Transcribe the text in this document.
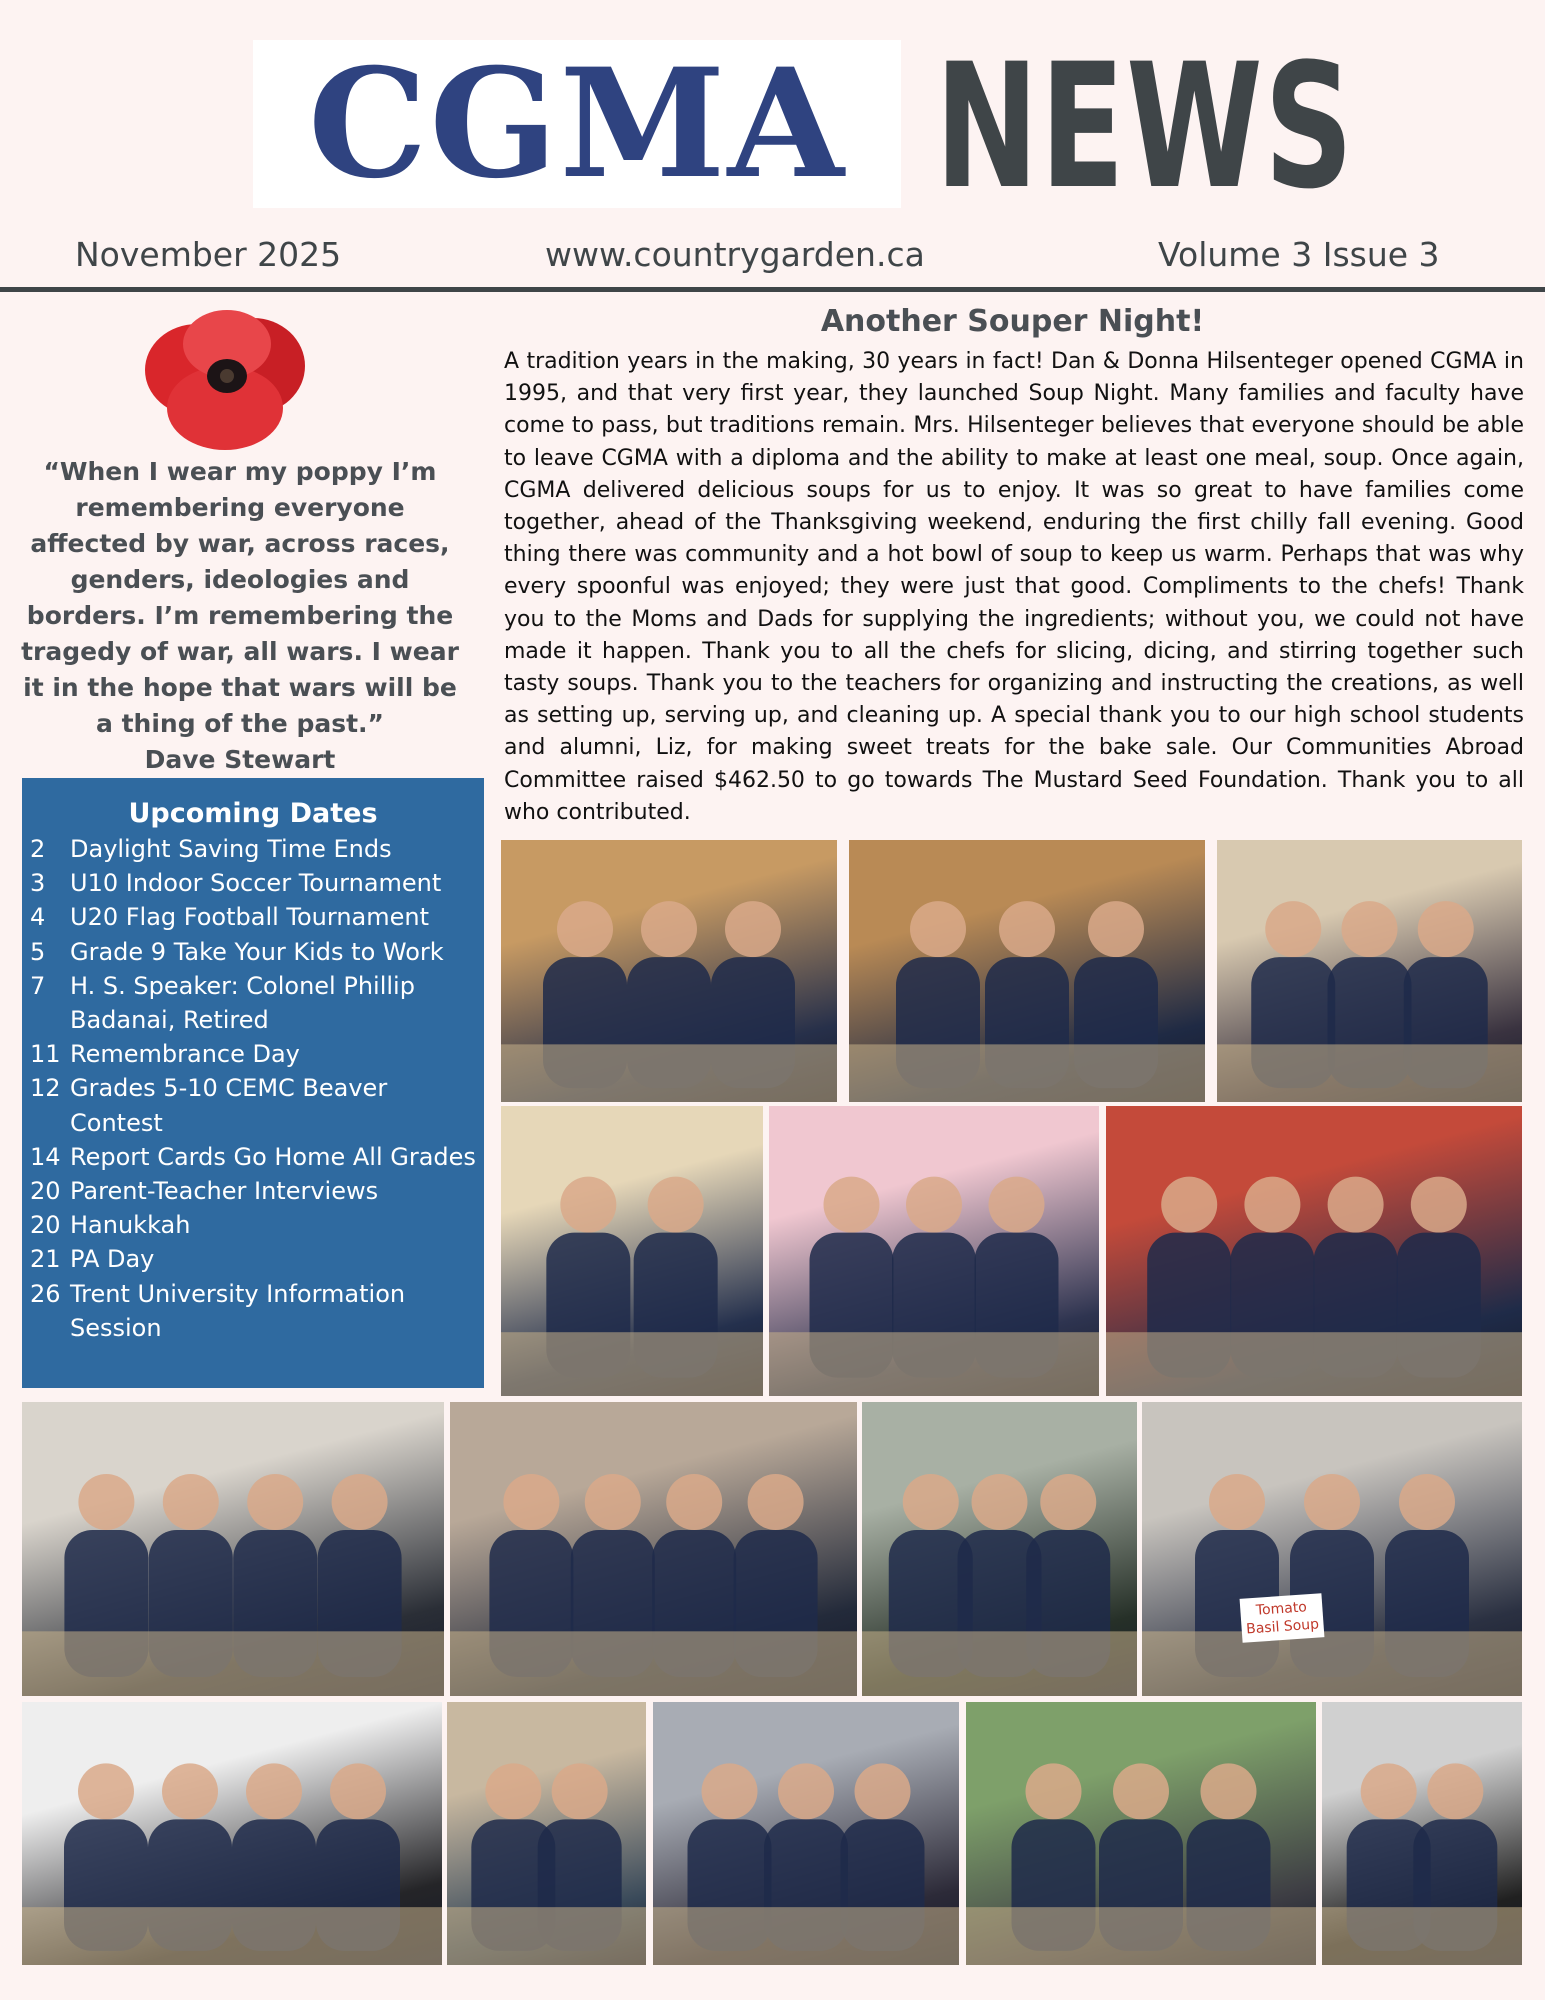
CGMA NEWS
November 2025	www.countrygarden.ca	Volume 3 Issue 3
“When I wear my poppy I’m remembering everyone affected by war, across races, genders, ideologies and borders. I’m remembering the tragedy of war, all wars. I wear it in the hope that wars will be a thing of the past.”
Dave Stewart
Upcoming Dates
2	Daylight Saving Time Ends
3	U10 Indoor Soccer Tournament
4	U20 Flag Football Tournament
5	Grade 9 Take Your Kids to Work
7	H. S. Speaker: Colonel Phillip Badanai, Retired
11 Remembrance Day
12 Grades 5-10 CEMC Beaver Contest
14 Report Cards Go Home All Grades
20 Parent-Teacher Interviews
20 Hanukkah
21 PA Day
26 Trent University Information Session
Another Souper Night!
A tradition years in the making, 30 years in fact! Dan & Donna Hilsenteger opened CGMA in 1995, and that very first year, they launched Soup Night. Many families and faculty have come to pass, but traditions remain. Mrs. Hilsenteger believes that everyone should be able to leave CGMA with a diploma and the ability to make at least one meal, soup. Once again, CGMA delivered delicious soups for us to enjoy. It was so great to have families come together, ahead of the Thanksgiving weekend, enduring the first chilly fall evening. Good thing there was community and a hot bowl of soup to keep us warm. Perhaps that was why every spoonful was enjoyed; they were just that good. Compliments to the chefs! Thank you to the Moms and Dads for supplying the ingredients; without you, we could not have made it happen. Thank you to all the chefs for slicing, dicing, and stirring together such tasty soups. Thank you to the teachers for organizing and instructing the creations, as well as setting up, serving up, and cleaning up. A special thank you to our high school students and alumni, Liz, for making sweet treats for the bake sale. Our Communities Abroad Committee raised $462.50 to go towards The Mustard Seed Foundation. Thank you to all who contributed.
Tomato Basil Soup
